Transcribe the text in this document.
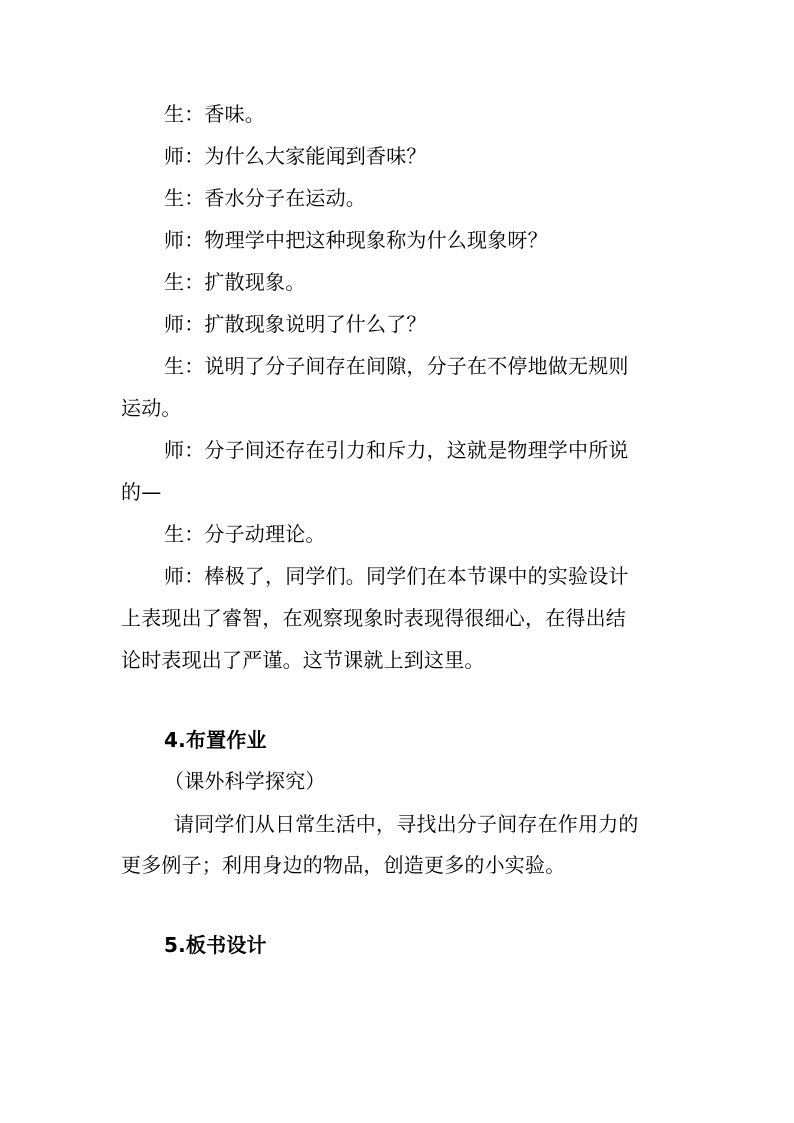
生：香味。
师：为什么大家能闻到香味？
生：香水分子在运动。
师：物理学中把这种现象称为什么现象呀？
生：扩散现象。
师：扩散现象说明了什么了？
生：说明了分子间存在间隙，分子在不停地做无规则
运动。
师：分子间还存在引力和斥力，这就是物理学中所说
的—
生：分子动理论。
师：棒极了，同学们。同学们在本节课中的实验设计
上表现出了睿智，在观察现象时表现得很细心，在得出结
论时表现出了严谨。这节课就上到这里。
4.布置作业
（课外科学探究）
请同学们从日常生活中，寻找出分子间存在作用力的
更多例子；利用身边的物品，创造更多的小实验。
5.板书设计
